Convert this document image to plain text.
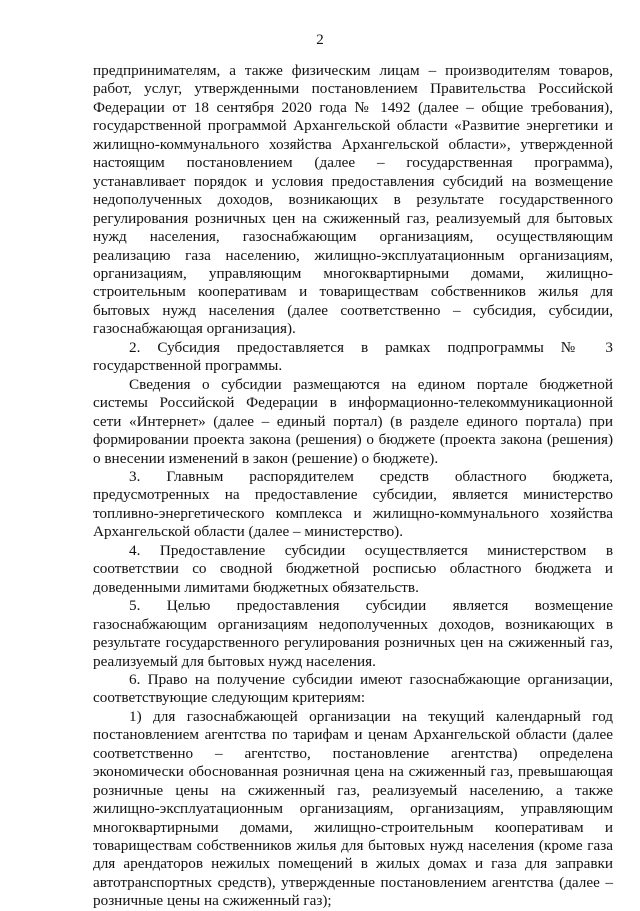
2

предпринимателям, а также физическим лицам – производителям товаров, работ, услуг, утвержденными постановлением Правительства Российской Федерации от 18 сентября 2020 года № 1492 (далее – общие требования), государственной программой Архангельской области «Развитие энергетики и жилищно-коммунального хозяйства Архангельской области», утвержденной настоящим постановлением (далее – государственная программа), устанавливает порядок и условия предоставления субсидий на возмещение недополученных доходов, возникающих в результате государственного регулирования розничных цен на сжиженный газ, реализуемый для бытовых нужд населения, газоснабжающим организациям, осуществляющим реализацию газа населению, жилищно-эксплуатационным организациям, организациям, управляющим многоквартирными домами, жилищно-строительным кооперативам и товариществам собственников жилья для бытовых нужд населения (далее соответственно – субсидия, субсидии, газоснабжающая организация).

2. Субсидия предоставляется в рамках подпрограммы № 3 государственной программы.

Сведения о субсидии размещаются на едином портале бюджетной системы Российской Федерации в информационно-телекоммуникационной сети «Интернет» (далее – единый портал) (в разделе единого портала) при формировании проекта закона (решения) о бюджете (проекта закона (решения) о внесении изменений в закон (решение) о бюджете).

3. Главным распорядителем средств областного бюджета, предусмотренных на предоставление субсидии, является министерство топливно-энергетического комплекса и жилищно-коммунального хозяйства Архангельской области (далее – министерство).

4. Предоставление субсидии осуществляется министерством в соответствии со сводной бюджетной росписью областного бюджета и доведенными лимитами бюджетных обязательств.

5. Целью предоставления субсидии является возмещение газоснабжающим организациям недополученных доходов, возникающих в результате государственного регулирования розничных цен на сжиженный газ, реализуемый для бытовых нужд населения.

6. Право на получение субсидии имеют газоснабжающие организации, соответствующие следующим критериям:

1) для газоснабжающей организации на текущий календарный год постановлением агентства по тарифам и ценам Архангельской области (далее соответственно – агентство, постановление агентства) определена экономически обоснованная розничная цена на сжиженный газ, превышающая розничные цены на сжиженный газ, реализуемый населению, а также жилищно-эксплуатационным организациям, организациям, управляющим многоквартирными домами, жилищно-строительным кооперативам и товариществам собственников жилья для бытовых нужд населения (кроме газа для арендаторов нежилых помещений в жилых домах и газа для заправки автотранспортных средств), утвержденные постановлением агентства (далее – розничные цены на сжиженный газ);
